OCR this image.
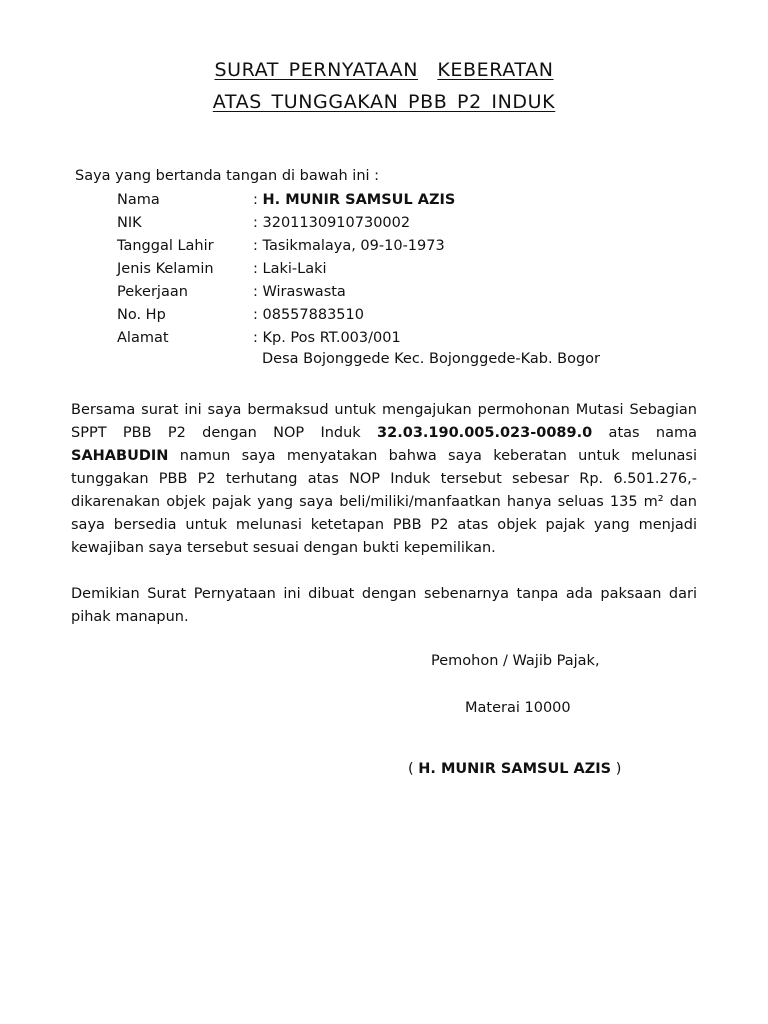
SURAT PERNYATAAN KEBERATAN
ATAS TUNGGAKAN PBB P2 INDUK
Saya yang bertanda tangan di bawah ini :
Nama	: H. MUNIR SAMSUL AZIS
NIK	: 3201130910730002
Tanggal Lahir	: Tasikmalaya, 09-10-1973
Jenis Kelamin	: Laki-Laki
Pekerjaan	: Wiraswasta
No. Hp	: 08557883510
Alamat	: Kp. Pos RT.003/001
Desa Bojonggede Kec. Bojonggede-Kab. Bogor
Bersama surat ini saya bermaksud untuk mengajukan permohonan Mutasi Sebagian SPPT PBB P2 dengan NOP Induk 32.03.190.005.023-0089.0 atas nama SAHABUDIN namun saya menyatakan bahwa saya keberatan untuk melunasi tunggakan PBB P2 terhutang atas NOP Induk tersebut sebesar Rp. 6.501.276,- dikarenakan objek pajak yang saya beli/miliki/manfaatkan hanya seluas 135 m² dan saya bersedia untuk melunasi ketetapan PBB P2 atas objek pajak yang menjadi kewajiban saya tersebut sesuai dengan bukti kepemilikan.
Demikian Surat Pernyataan ini dibuat dengan sebenarnya tanpa ada paksaan dari pihak manapun.
Pemohon / Wajib Pajak,
Materai 10000
( H. MUNIR SAMSUL AZIS )
